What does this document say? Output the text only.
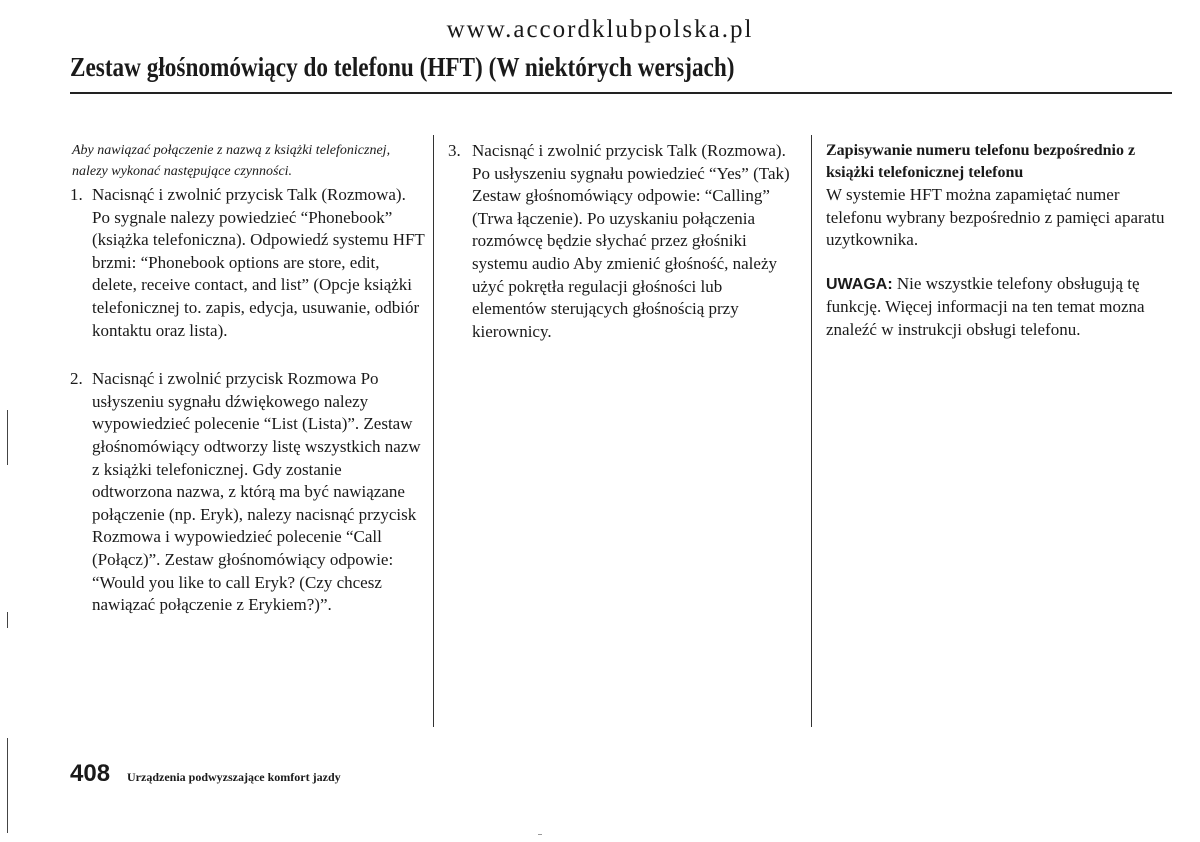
www.accordklubpolska.pl
Zestaw głośnomówiący do telefonu (HFT) (W niektórych wersjach)

Aby nawiązać połączenie z nazwą z książki telefonicznej, nalezy wykonać następujące czynności.

1. Nacisnąć i zwolnić przycisk Talk (Rozmowa). Po sygnale nalezy powiedzieć “Phonebook” (książka telefoniczna). Odpowiedź systemu HFT brzmi: “Phonebook options are store, edit, delete, receive contact, and list” (Opcje książki telefonicznej to. zapis, edycja, usuwanie, odbiór kontaktu oraz lista).
2. Nacisnąć i zwolnić przycisk Rozmowa Po usłyszeniu sygnału dźwiękowego nalezy wypowiedzieć polecenie “List (Lista)”. Zestaw głośnomówiący odtworzy listę wszystkich nazw z książki telefonicznej. Gdy zostanie odtworzona nazwa, z którą ma być nawiązane połączenie (np. Eryk), nalezy nacisnąć przycisk Rozmowa i wypowiedzieć polecenie “Call (Połącz)”. Zestaw głośnomówiący odpowie: “Would you like to call Eryk? (Czy chcesz nawiązać połączenie z Erykiem?)”.
3. Nacisnąć i zwolnić przycisk Talk (Rozmowa). Po usłyszeniu sygnału powiedzieć “Yes” (Tak) Zestaw głośnomówiący odpowie: “Calling” (Trwa łączenie). Po uzyskaniu połączenia rozmówcę będzie słychać przez głośniki systemu audio Aby zmienić głośność, należy użyć pokrętła regulacji głośności lub elementów sterujących głośnością przy kierownicy.

Zapisywanie numeru telefonu bezpośrednio z książki telefonicznej telefonu

W systemie HFT można zapamiętać numer telefonu wybrany bezpośrednio z pamięci aparatu uzytkownika.

UWAGA: Nie wszystkie telefony obsługują tę funkcję. Więcej informacji na ten temat mozna znaleźć w instrukcji obsługi telefonu.

408 Urządzenia podwyzszające komfort jazdy
